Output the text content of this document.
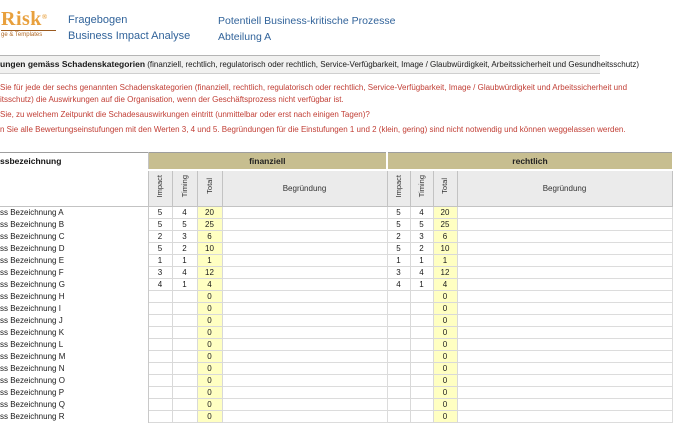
Risk®
ge & Templates
Fragebogen
Business Impact Analyse
Potentiell Business-kritische Prozesse
Abteilung A
ungen gemäss Schadenskategorien (finanziell, rechtlich, regulatorisch oder rechtlich, Service-Verfügbarkeit, Image / Glaubwürdigkeit, Arbeitssicherheit und Gesundheitsschutz)
Sie für jede der sechs genannten Schadenskategorien (finanziell, rechtlich, regulatorisch oder rechtlich, Service-Verfügbarkeit, Image / Glaubwürdigkeit und Arbeitssicherheit und
itsschutz) die Auswirkungen auf die Organisation, wenn der Geschäftsprozess nicht verfügbar ist.
Sie, zu welchem Zeitpunkt die Schadesauswirkungen eintritt (unmittelbar oder erst nach einigen Tagen)?
n Sie alle Bewertungseinstufungen mit den Werten 3, 4 und 5. Begründungen für die Einstufungen 1 und 2 (klein, gering) sind nicht notwendig und können weggelassen werden.
ssbezeichnung	finanziell				rechtlich			
	Impact	Timing	Total	Begründung	Impact	Timing	Total	Begründung
ss Bezeichnung A	5	4	20		5	4	20	
ss Bezeichnung B	5	5	25		5	5	25	
ss Bezeichnung C	2	3	6		2	3	6	
ss Bezeichnung D	5	2	10		5	2	10	
ss Bezeichnung E	1	1	1		1	1	1	
ss Bezeichnung F	3	4	12		3	4	12	
ss Bezeichnung G	4	1	4		4	1	4	
ss Bezeichnung H			0				0	
ss Bezeichnung I			0				0	
ss Bezeichnung J			0				0	
ss Bezeichnung K			0				0	
ss Bezeichnung L			0				0	
ss Bezeichnung M			0				0	
ss Bezeichnung N			0				0	
ss Bezeichnung O			0				0	
ss Bezeichnung P			0				0	
ss Bezeichnung Q			0				0	
ss Bezeichnung R			0				0	
